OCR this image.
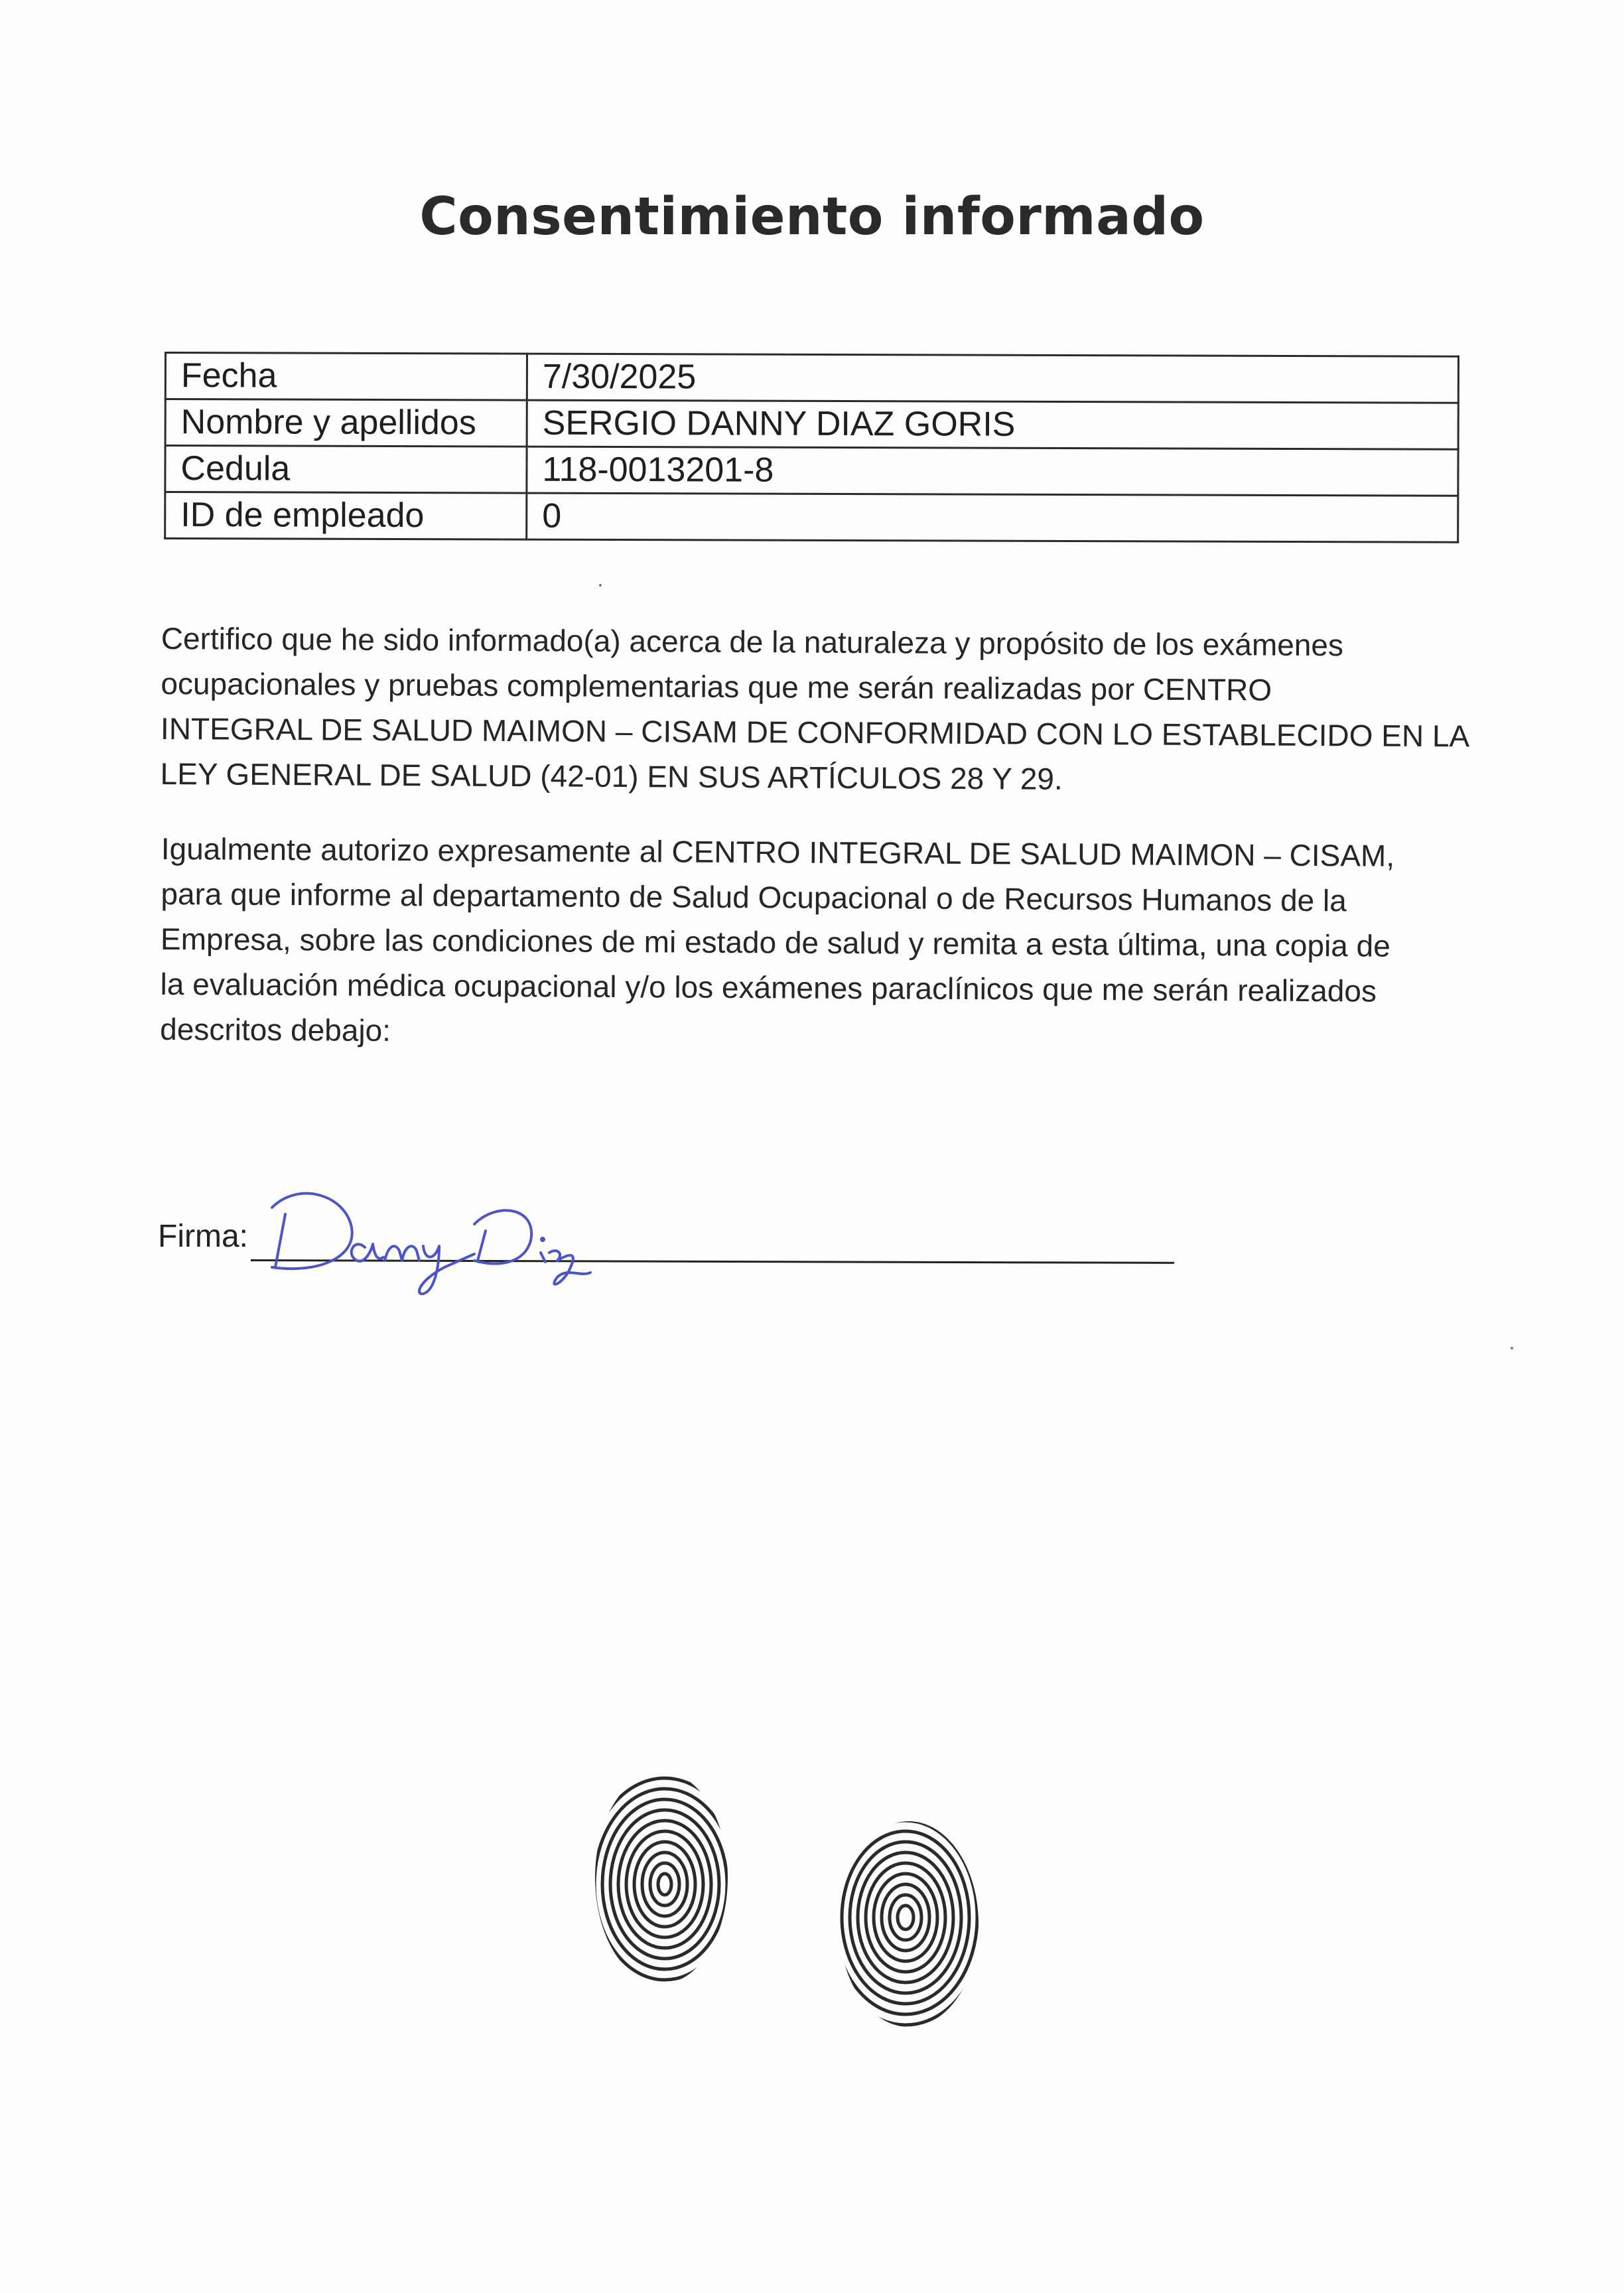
Consentimiento informado
Fecha	7/30/2025
Nombre y apellidos	SERGIO DANNY DIAZ GORIS
Cedula	118-0013201-8
ID de empleado	0
Certifico que he sido informado(a) acerca de la naturaleza y propósito de los exámenes
ocupacionales y pruebas complementarias que me serán realizadas por CENTRO
INTEGRAL DE SALUD MAIMON – CISAM DE CONFORMIDAD CON LO ESTABLECIDO EN LA
LEY GENERAL DE SALUD (42-01) EN SUS ARTÍCULOS 28 Y 29.
Igualmente autorizo expresamente al CENTRO INTEGRAL DE SALUD MAIMON – CISAM,
para que informe al departamento de Salud Ocupacional o de Recursos Humanos de la
Empresa, sobre las condiciones de mi estado de salud y remita a esta última, una copia de
la evaluación médica ocupacional y/o los exámenes paraclínicos que me serán realizados
descritos debajo:
Firma:
